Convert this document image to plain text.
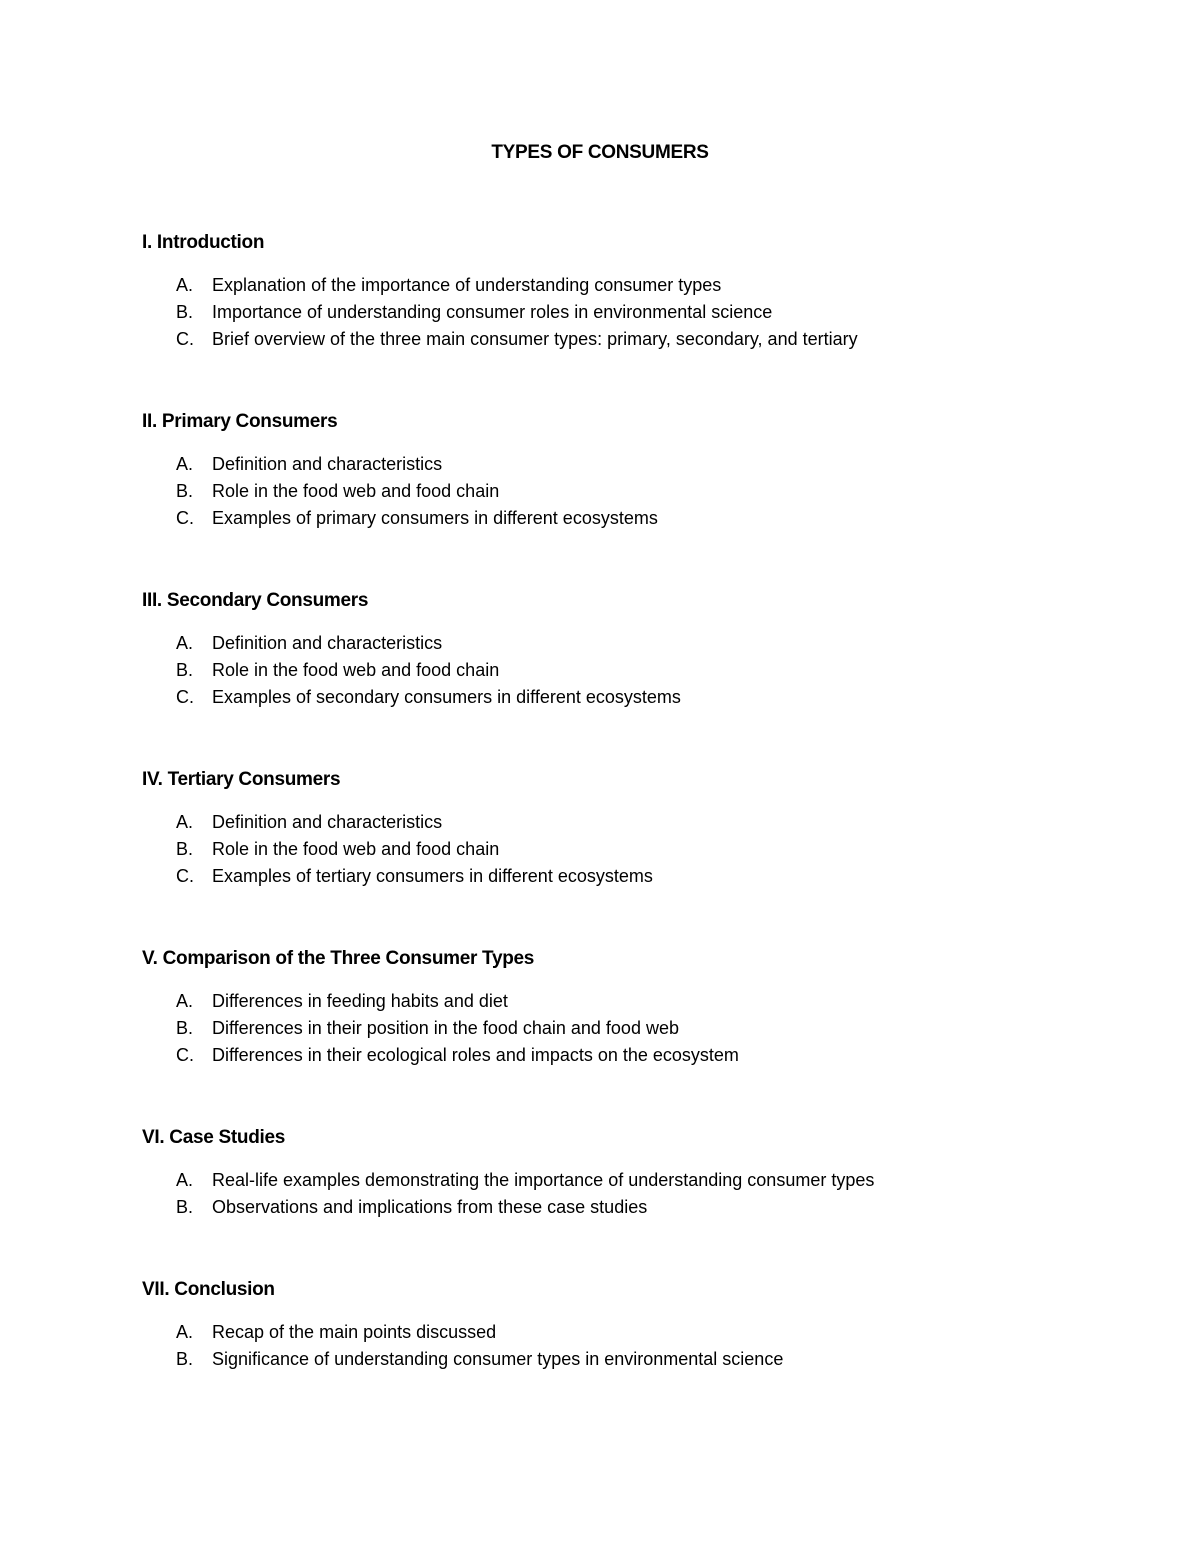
TYPES OF CONSUMERS
I. Introduction
A. Explanation of the importance of understanding consumer types
B. Importance of understanding consumer roles in environmental science
C. Brief overview of the three main consumer types: primary, secondary, and tertiary
II. Primary Consumers
A. Definition and characteristics
B. Role in the food web and food chain
C. Examples of primary consumers in different ecosystems
III. Secondary Consumers
A. Definition and characteristics
B. Role in the food web and food chain
C. Examples of secondary consumers in different ecosystems
IV. Tertiary Consumers
A. Definition and characteristics
B. Role in the food web and food chain
C. Examples of tertiary consumers in different ecosystems
V. Comparison of the Three Consumer Types
A. Differences in feeding habits and diet
B. Differences in their position in the food chain and food web
C. Differences in their ecological roles and impacts on the ecosystem
VI. Case Studies
A. Real-life examples demonstrating the importance of understanding consumer types
B. Observations and implications from these case studies
VII. Conclusion
A. Recap of the main points discussed
B. Significance of understanding consumer types in environmental science
